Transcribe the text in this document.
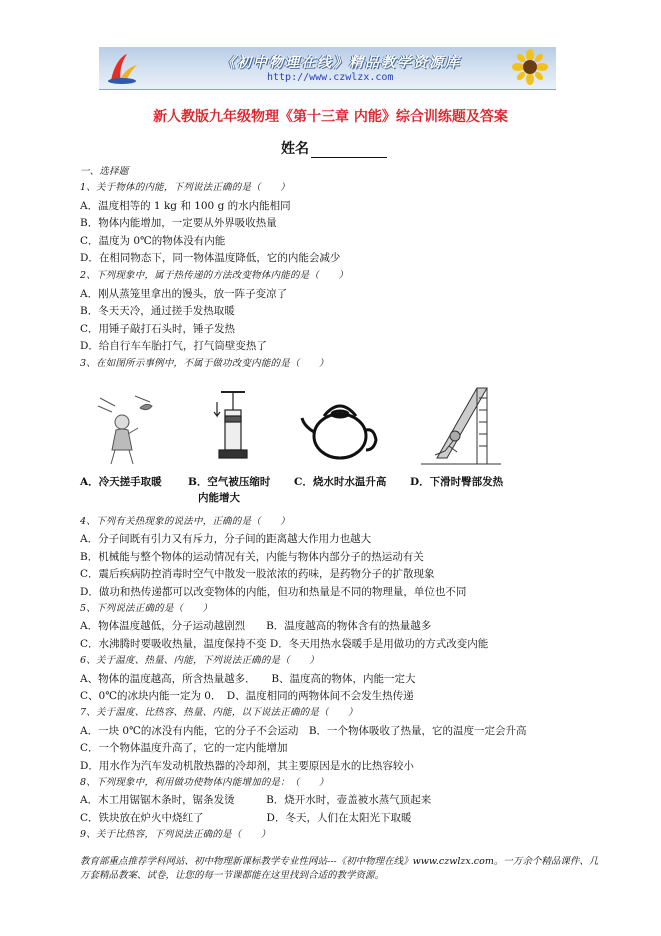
《初中物理在线》精品教学资源库
http://www.czwlzx.com
新人教版九年级物理《第十三章 内能》综合训练题及答案
姓名
一、选择题
1、关于物体的内能，下列说法正确的是（　　）
A．温度相等的 1 kg 和 100 g 的水内能相同
B．物体内能增加，一定要从外界吸收热量
C．温度为 0℃的物体没有内能
D．在相同物态下，同一物体温度降低，它的内能会减少
2、下列现象中，属于热传递的方法改变物体内能的是（　　）
A．刚从蒸笼里拿出的馒头，放一阵子变凉了
B．冬天天冷，通过搓手发热取暖
C．用锤子敲打石头时，锤子发热
D．给自行车车胎打气，打气筒壁变热了
3、在如图所示事例中，不属于做功改变内能的是（　　）
A．冷天搓手取暖	B．空气被压缩时
内能增大
C．烧水时水温升高 D．下滑时臀部发热
4、下列有关热现象的说法中，正确的是（　　）
A．分子间既有引力又有斥力，分子间的距离越大作用力也越大
B．机械能与整个物体的运动情况有关，内能与物体内部分子的热运动有关
C．震后疾病防控消毒时空气中散发一股浓浓的药味，是药物分子的扩散现象
D．做功和热传递都可以改变物体的内能，但功和热量是不同的物理量，单位也不同
5、下列说法正确的是（　　）
A．物体温度越低，分子运动越剧烈　　B．温度越高的物体含有的热量越多
C．水沸腾时要吸收热量，温度保持不变 D．冬天用热水袋暖手是用做功的方式改变内能
6、关于温度、热量、内能，下列说法正确的是（　　）
A、物体的温度越高，所含热量越多．　　B、温度高的物体，内能一定大
C、0℃的冰块内能一定为 0．　D、温度相同的两物体间不会发生热传递
7、关于温度、比热容、热量、内能，以下说法正确的是（　　）
A．一块 0℃的冰没有内能，它的分子不会运动　B．一个物体吸收了热量，它的温度一定会升高
C．一个物体温度升高了，它的一定内能增加
D．用水作为汽车发动机散热器的冷却剂，其主要原因是水的比热容较小
8、下列现象中，利用做功使物体内能增加的是：（　　）
A．木工用锯锯木条时，锯条发烫　　　B．烧开水时，壶盖被水蒸气顶起来
C．铁块放在炉火中烧红了　　　　　　D．冬天，人们在太阳光下取暖
9、关于比热容，下列说法正确的是（　　）
教育部重点推荐学科网站、初中物理新课标教学专业性网站---《初中物理在线》www.czwlzx.com。一万余个精品课件、几万套精品教案、试卷，让您的每一节课都能在这里找到合适的教学资源。
